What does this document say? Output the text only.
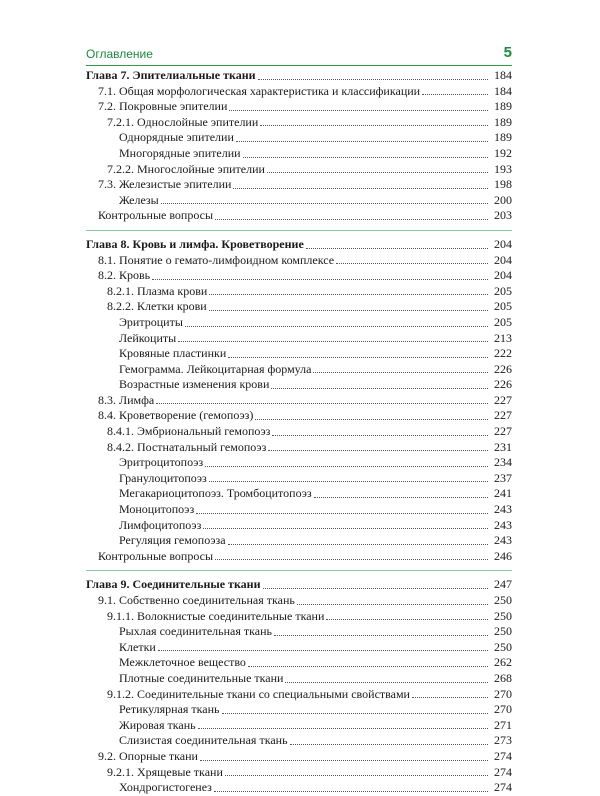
Оглавление	5
Глава 7. Эпителиальные ткани	184
7.1. Общая морфологическая характеристика и классификации	184
7.2. Покровные эпителии	189
7.2.1. Однослойные эпителии	189
Однорядные эпителии	189
Многорядные эпителии	192
7.2.2. Многослойные эпителии	193
7.3. Железистые эпителии	198
Железы	200
Контрольные вопросы	203
Глава 8. Кровь и лимфа. Кроветворение	204
8.1. Понятие о гемато-лимфоидном комплексе	204
8.2. Кровь	204
8.2.1. Плазма крови	205
8.2.2. Клетки крови	205
Эритроциты	205
Лейкоциты	213
Кровяные пластинки	222
Гемограмма. Лейкоцитарная формула	226
Возрастные изменения крови	226
8.3. Лимфа	227
8.4. Кроветворение (гемопоэз)	227
8.4.1. Эмбриональный гемопоэз	227
8.4.2. Постнатальный гемопоэз	231
Эритроцитопоэз	234
Гранулоцитопоэз	237
Мегакариоцитопоэз. Тромбоцитопоэз	241
Моноцитопоэз	243
Лимфоцитопоэз	243
Регуляция гемопоэза	243
Контрольные вопросы	246
Глава 9. Соединительные ткани	247
9.1. Собственно соединительная ткань	250
9.1.1. Волокнистые соединительные ткани	250
Рыхлая соединительная ткань	250
Клетки	250
Межклеточное вещество	262
Плотные соединительные ткани	268
9.1.2. Соединительные ткани со специальными свойствами	270
Ретикулярная ткань	270
Жировая ткань	271
Слизистая соединительная ткань	273
9.2. Опорные ткани	274
9.2.1. Хрящевые ткани	274
Хондрогистогенез	274
